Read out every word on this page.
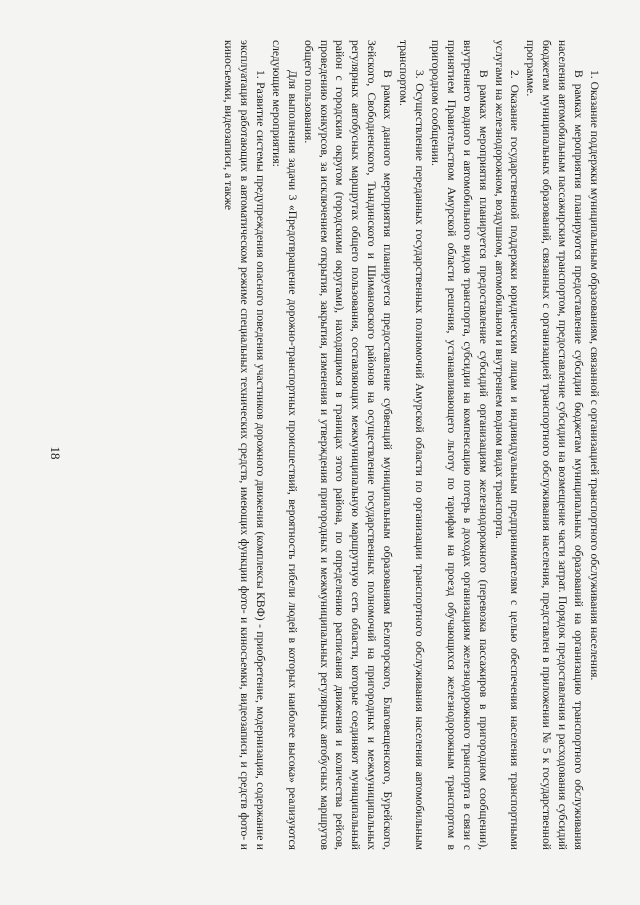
18	1. Оказание поддержки муниципальным образованиям, связанной с организацией транспортного обслуживания населения.

В рамках мероприятия планируются предоставление субсидии бюджетам муниципальных образований на организацию транспортного обслуживания населения автомобильным пассажирским транспортом, предоставление субсидии на возмещение части затрат. Порядок предоставления и расходования субсидий бюджетам муниципальных образований, связанных с организацией транспортного обслуживания населения, представлен в приложении № 5 к государственной программе.

2. Оказание государственной поддержки юридическим лицам и индивидуальным предпринимателям с целью обеспечения населения транспортными услугами на железнодорожном, воздушном, автомобильном и внутреннем водном видах транспорта.

В рамках мероприятия планируется предоставление субсидий организациям железнодорожного (перевозка пассажиров в пригородном сообщении), внутреннего водного и автомобильного видов транспорта, субсидии на компенсацию потерь в доходах организациям железнодорожного транспорта в связи с принятием Правительством Амурской области решения, устанавливающего льготу по тарифам на проезд обучающихся железнодорожным транспортом в пригородном сообщении.

3. Осуществление переданных государственных полномочий Амурской области по организации транспортного обслуживания населения автомобильным транспортом.

В рамках данного мероприятия планируется предоставление субвенций муниципальным образованиям Белогорского, Благовещенского, Бурейского, Зейского, Свободненского, Тындинского и Шимановского районов на осуществление государственных полномочий на пригородных и межмуниципальных регулярных автобусных маршрутах общего пользования, составляющих межмуниципальную маршрутную сеть области, которые соединяют муниципальный район с городским округом (городскими округами), находящимся в границах этого района, по определению расписания движения и количества рейсов, проведению конкурсов, за исключением открытия, закрытия, изменения и утверждения пригородных и межмуниципальных регулярных автобусных маршрутов общего пользования.

Для выполнения задачи 3 «Предотвращение дорожно-транспортных происшествий, вероятность гибели людей в которых наиболее высока» реализуются следующие мероприятия:

1. Развитие системы предупреждения опасного поведения участников дорожного движения (комплексы КВФ) - приобретение, модернизация, содержание и эксплуатация работающих в автоматическом режиме специальных технических средств, имеющих функции фото- и киносъемки, видеозаписи, и средств фото- и киносъемки, видеозаписи, а также
